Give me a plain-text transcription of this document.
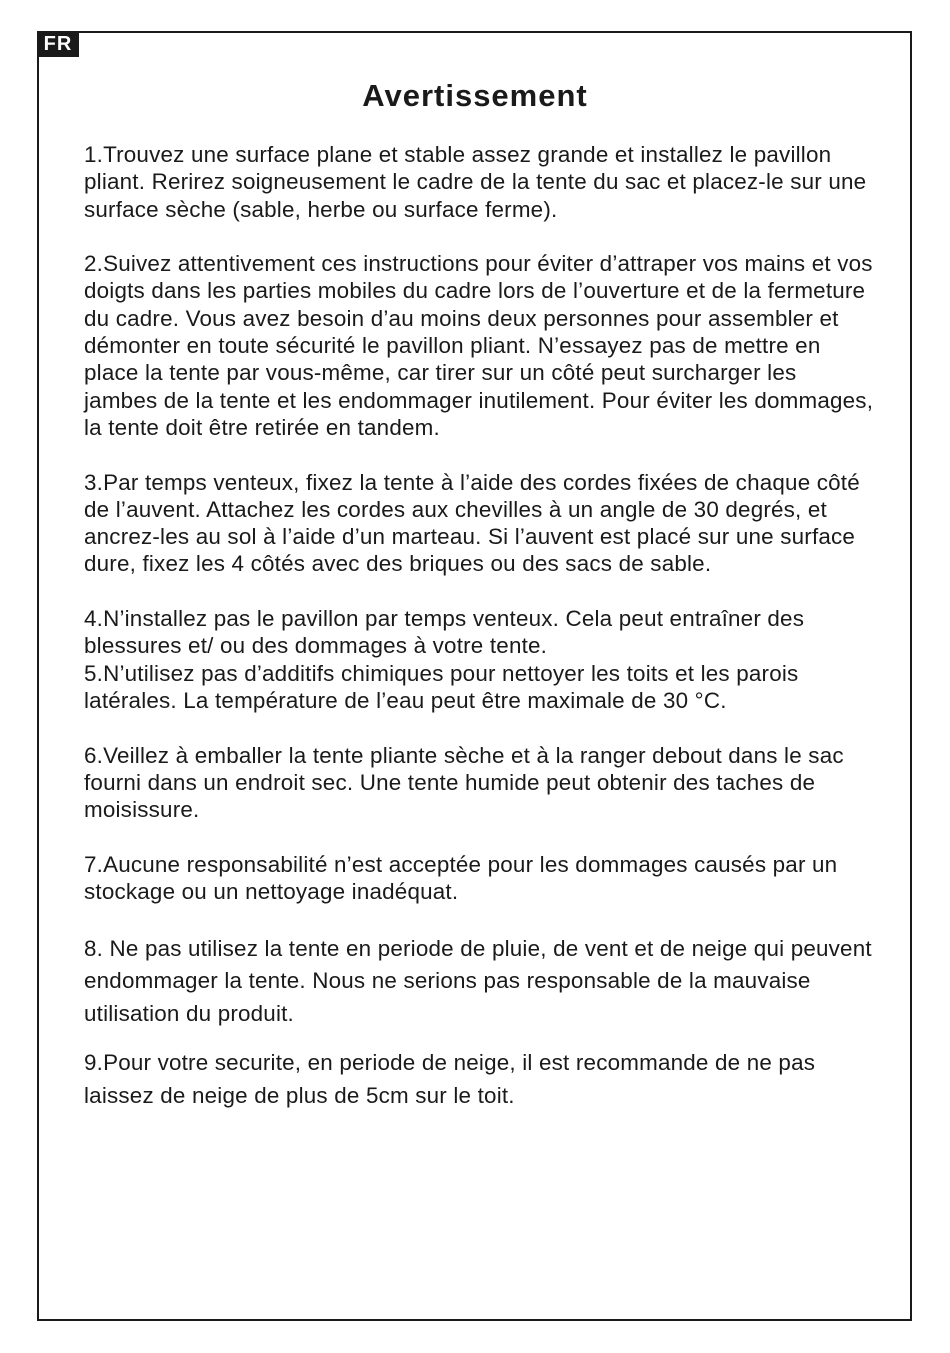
FR
Avertissement

1.Trouvez une surface plane et stable assez grande et installez le pavillon pliant. Rerirez soigneusement le cadre de la tente du sac et placez-le sur une surface sèche (sable, herbe ou surface ferme).

2.Suivez attentivement ces instructions pour éviter d’attraper vos mains et vos doigts dans les parties mobiles du cadre lors de l’ouverture et de la fermeture du cadre. Vous avez besoin d’au moins deux personnes pour assembler et démonter en toute sécurité le pavillon pliant. N’essayez pas de mettre en place la tente par vous-même, car tirer sur un côté peut surcharger les jambes de la tente et les endommager inutilement. Pour éviter les dommages, la tente doit être retirée en tandem.

3.Par temps venteux, fixez la tente à l’aide des cordes fixées de chaque côté de l’auvent. Attachez les cordes aux chevilles à un angle de 30 degrés, et ancrez-les au sol à l’aide d’un marteau. Si l’auvent est placé sur une surface dure, fixez les 4 côtés avec des briques ou des sacs de sable.

4.N’installez pas le pavillon par temps venteux. Cela peut entraîner des blessures et/ ou des dommages à votre tente.

5.N’utilisez pas d’additifs chimiques pour nettoyer les toits et les parois latérales. La température de l’eau peut être maximale de 30 °C.

6.Veillez à emballer la tente pliante sèche et à la ranger debout dans le sac fourni dans un endroit sec. Une tente humide peut obtenir des taches de moisissure.

7.Aucune responsabilité n’est acceptée pour les dommages causés par un stockage ou un nettoyage inadéquat.

8. Ne pas utilisez la tente en periode de pluie, de vent et de neige qui peuvent endommager la tente. Nous ne serions pas responsable de la mauvaise utilisation du produit.

9.Pour votre securite, en periode de neige, il est recommande de ne pas laissez de neige de plus de 5cm sur le toit.
